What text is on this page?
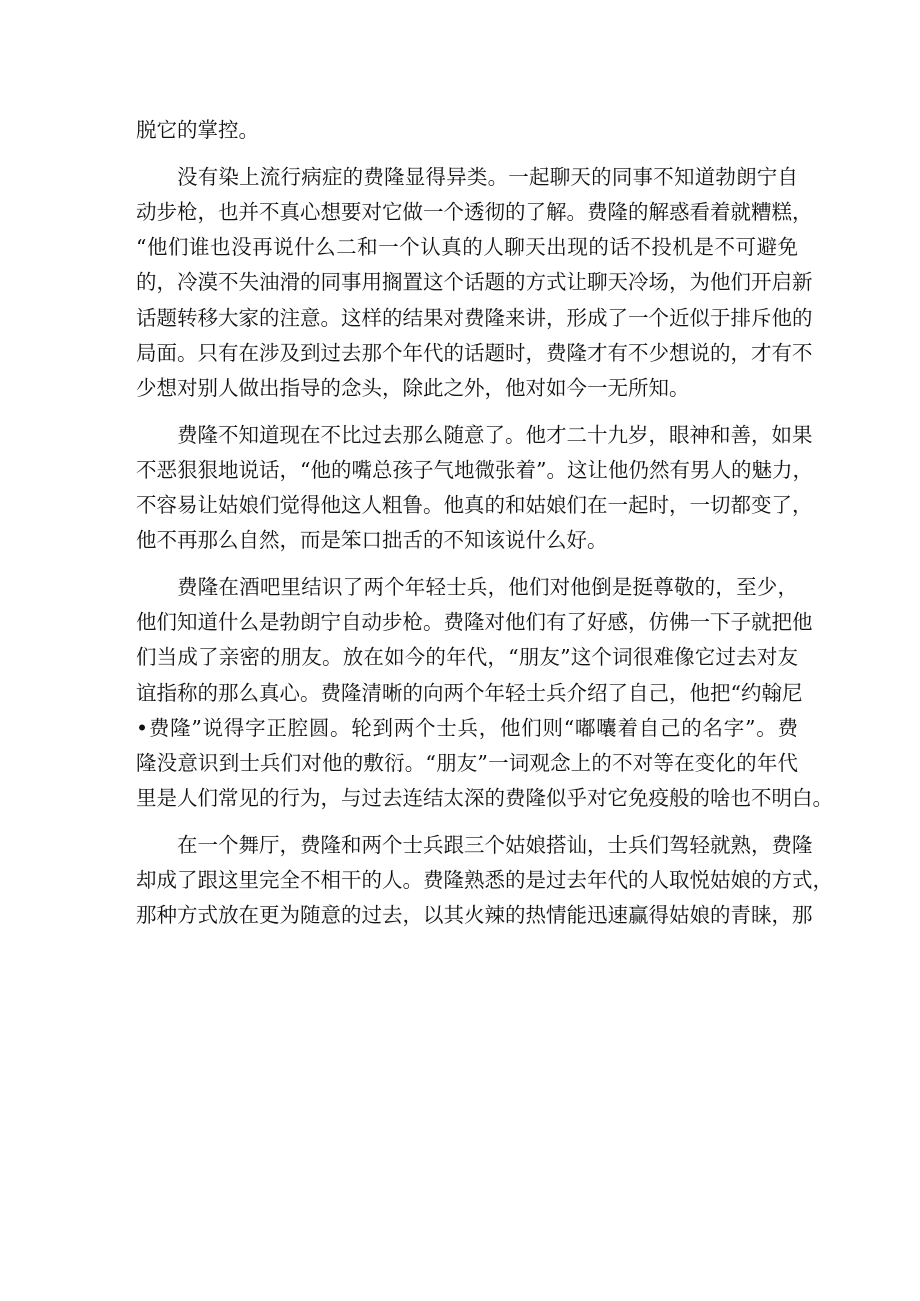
脱它的掌控。

没有染上流行病症的费隆显得异类。一起聊天的同事不知道勃朗宁自
动步枪，也并不真心想要对它做一个透彻的了解。费隆的解惑看着就糟糕，
“他们谁也没再说什么二和一个认真的人聊天出现的话不投机是不可避免
的，冷漠不失油滑的同事用搁置这个话题的方式让聊天冷场，为他们开启新
话题转移大家的注意。这样的结果对费隆来讲，形成了一个近似于排斥他的
局面。只有在涉及到过去那个年代的话题时，费隆才有不少想说的，才有不
少想对别人做出指导的念头，除此之外，他对如今一无所知。

费隆不知道现在不比过去那么随意了。他才二十九岁，眼神和善，如果
不恶狠狠地说话，“他的嘴总孩子气地微张着”。这让他仍然有男人的魅力，
不容易让姑娘们觉得他这人粗鲁。他真的和姑娘们在一起时，一切都变了，
他不再那么自然，而是笨口拙舌的不知该说什么好。

费隆在酒吧里结识了两个年轻士兵，他们对他倒是挺尊敬的，至少，
他们知道什么是勃朗宁自动步枪。费隆对他们有了好感，仿佛一下子就把他
们当成了亲密的朋友。放在如今的年代，“朋友”这个词很难像它过去对友
谊指称的那么真心。费隆清晰的向两个年轻士兵介绍了自己，他把“约翰尼
•费隆”说得字正腔圆。轮到两个士兵，他们则“嘟囔着自己的名字”。费
隆没意识到士兵们对他的敷衍。“朋友”一词观念上的不对等在变化的年代
里是人们常见的行为，与过去连结太深的费隆似乎对它免疫般的啥也不明白。

在一个舞厅，费隆和两个士兵跟三个姑娘搭讪，士兵们驾轻就熟，费隆
却成了跟这里完全不相干的人。费隆熟悉的是过去年代的人取悦姑娘的方式，
那种方式放在更为随意的过去，以其火辣的热情能迅速赢得姑娘的青睐，那
